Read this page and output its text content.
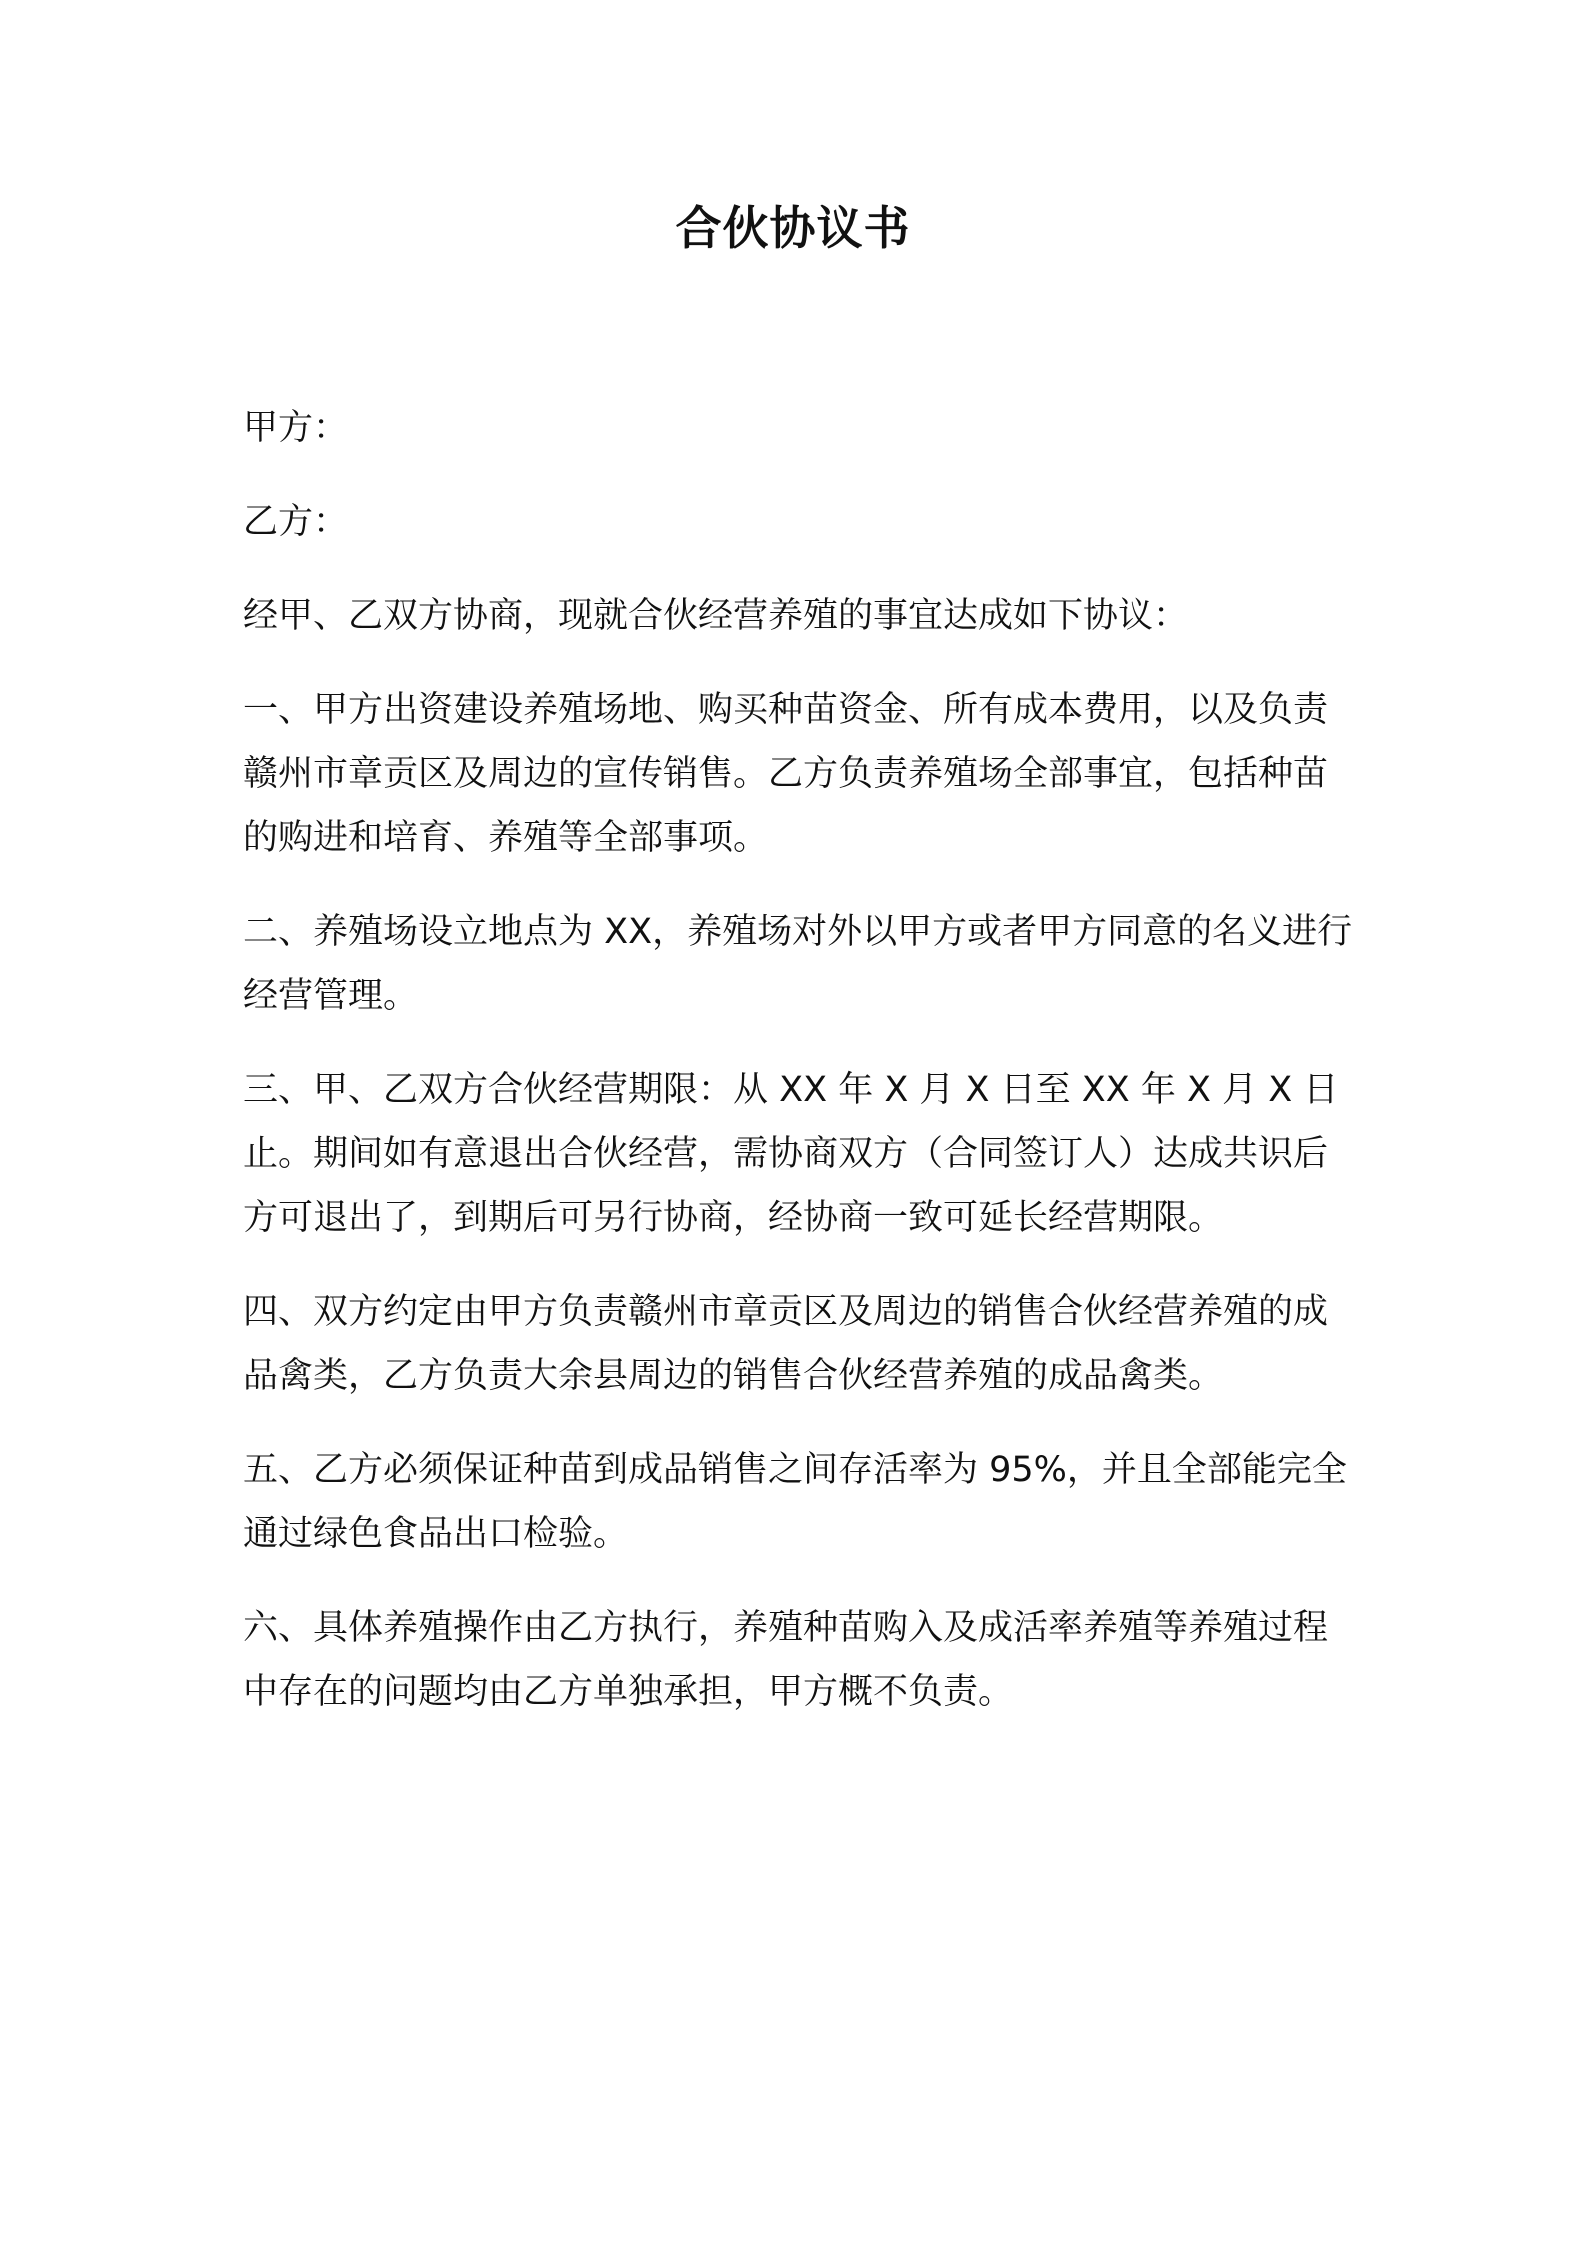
合伙协议书

甲方：

乙方：

经甲、乙双方协商，现就合伙经营养殖的事宜达成如下协议：

一、甲方出资建设养殖场地、购买种苗资金、所有成本费用，以及负责赣州市章贡区及周边的宣传销售。乙方负责养殖场全部事宜，包括种苗的购进和培育、养殖等全部事项。

二、养殖场设立地点为 XX，养殖场对外以甲方或者甲方同意的名义进行经营管理。

三、甲、乙双方合伙经营期限：从 XX 年 X 月 X 日至 XX 年 X 月 X 日止。期间如有意退出合伙经营，需协商双方（合同签订人）达成共识后方可退出了，到期后可另行协商，经协商一致可延长经营期限。

四、双方约定由甲方负责赣州市章贡区及周边的销售合伙经营养殖的成品禽类，乙方负责大余县周边的销售合伙经营养殖的成品禽类。

五、乙方必须保证种苗到成品销售之间存活率为 95%，并且全部能完全通过绿色食品出口检验。

六、具体养殖操作由乙方执行，养殖种苗购入及成活率养殖等养殖过程中存在的问题均由乙方单独承担，甲方概不负责。
